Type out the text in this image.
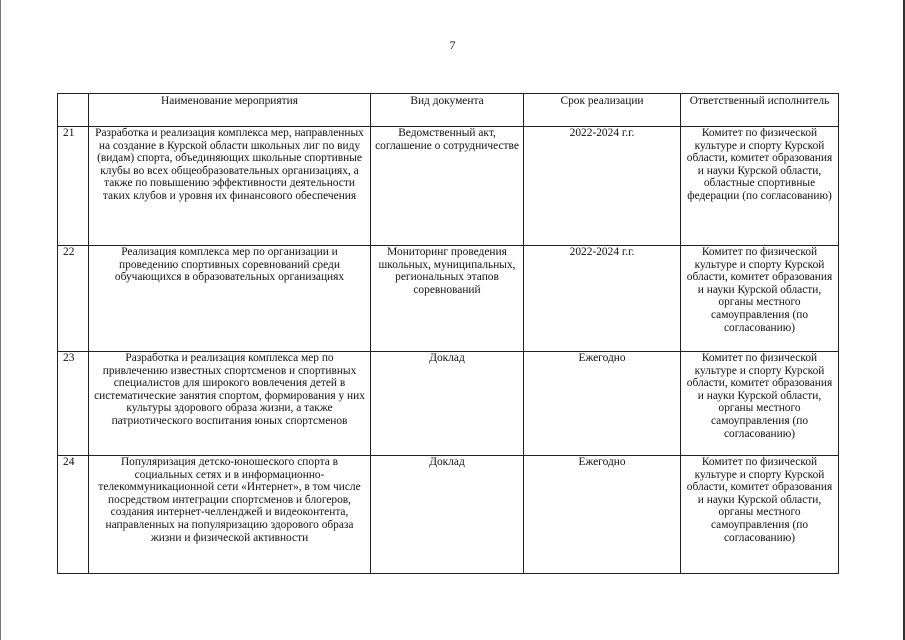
7
	Наименование мероприятия	Вид документа	Срок реализации	Ответственный исполнитель
21	Разработка и реализация комплекса мер, направленных на создание в Курской области школьных лиг по виду (видам) спорта, объединяющих школьные спортивные клубы во всех общеобразовательных организациях, а также по повышению эффективности деятельности таких клубов и уровня их финансового обеспечения	Ведомственный акт, соглашение о сотрудничестве	2022-2024 г.г.	Комитет по физической культуре и спорту Курской области, комитет образования и науки Курской области, областные спортивные федерации (по согласованию)
22	Реализация комплекса мер по организации и проведению спортивных соревнований среди обучающихся в образовательных организациях	Мониторинг проведения школьных, муниципальных, региональных этапов соревнований	2022-2024 г.г.	Комитет по физической культуре и спорту Курской области, комитет образования и науки Курской области, органы местного самоуправления (по согласованию)
23	Разработка и реализация комплекса мер по привлечению известных спортсменов и спортивных специалистов для широкого вовлечения детей в систематические занятия спортом, формирования у них культуры здорового образа жизни, а также патриотического воспитания юных спортсменов	Доклад	Ежегодно	Комитет по физической культуре и спорту Курской области, комитет образования и науки Курской области, органы местного самоуправления (по согласованию)
24	Популяризация детско-юношеского спорта в социальных сетях и в информационно-телекоммуникационной сети «Интернет», в том числе посредством интеграции спортсменов и блогеров, создания интернет-челленджей и видеоконтента, направленных на популяризацию здорового образа жизни и физической активности	Доклад	Ежегодно	Комитет по физической культуре и спорту Курской области, комитет образования и науки Курской области, органы местного самоуправления (по согласованию)
